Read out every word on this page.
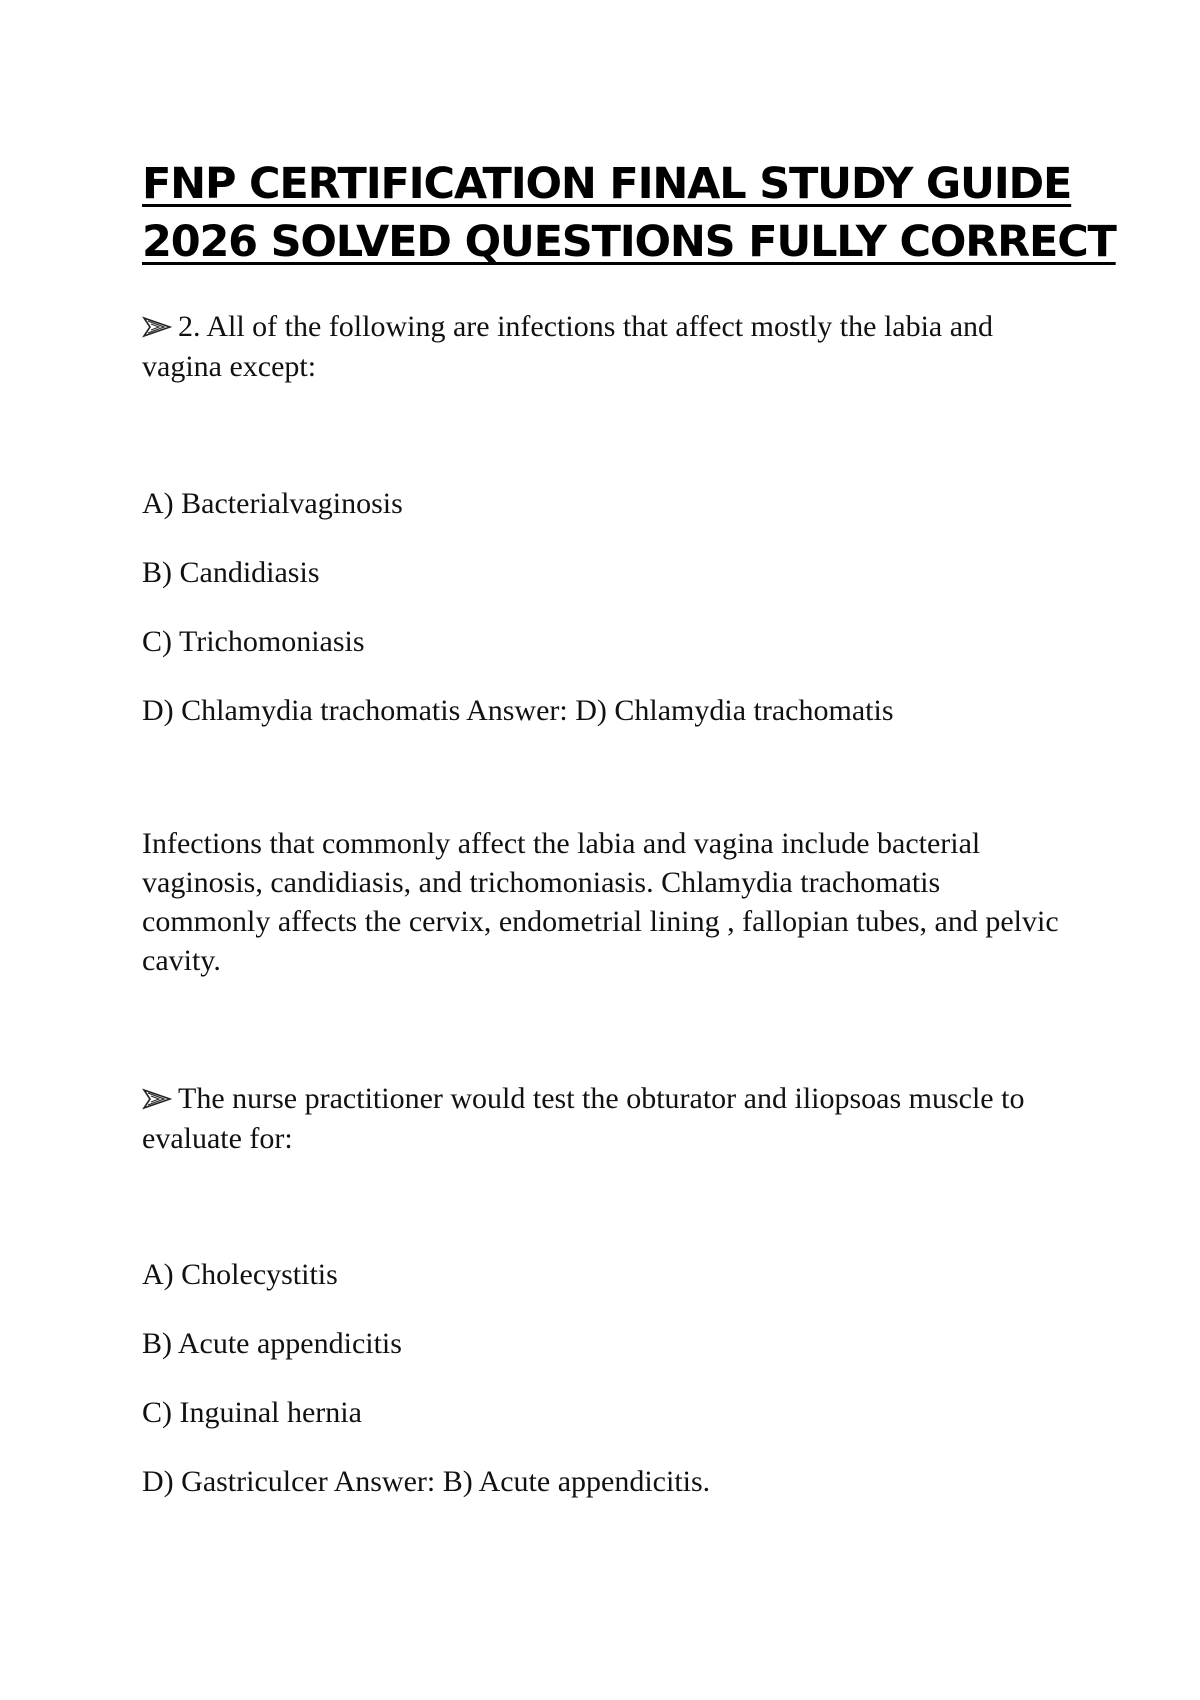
FNP CERTIFICATION FINAL STUDY GUIDE
2026 SOLVED QUESTIONS FULLY CORRECT

2. All of the following are infections that affect mostly the labia and vagina except:

A) Bacterialvaginosis

B) Candidiasis

C) Trichomoniasis

D) Chlamydia trachomatis Answer: D) Chlamydia trachomatis

Infections that commonly affect the labia and vagina include bacterial vaginosis, candidiasis, and trichomoniasis. Chlamydia trachomatis commonly affects the cervix, endometrial lining , fallopian tubes, and pelvic cavity.

The nurse practitioner would test the obturator and iliopsoas muscle to evaluate for:

A) Cholecystitis

B) Acute appendicitis

C) Inguinal hernia

D) Gastriculcer Answer: B) Acute appendicitis.
